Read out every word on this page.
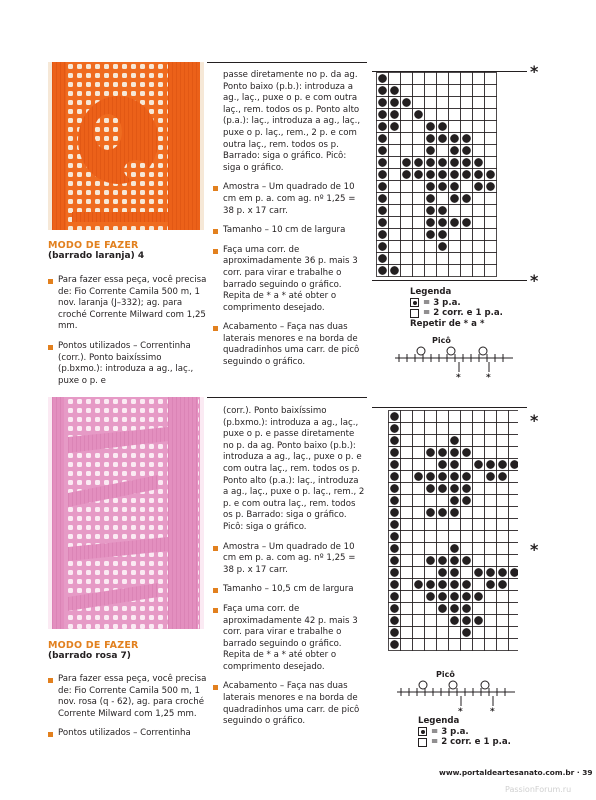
MODO DE FAZER
(barrado laranja) 4

Para fazer essa peça, você precisa de: Fio Corrente Camila 500 m, 1 nov. laranja (J–332); ag. para croché Corrente Milward com 1,25 mm.

Pontos utilizados – Correntinha (corr.). Ponto baixíssimo (p.bxmo.): introduza a ag., laç., puxe o p. e

passe diretamente no p. da ag. Ponto baixo (p.b.): introduza a ag., laç., puxe o p. e com outra laç., rem. todos os p. Ponto alto (p.a.): laç., introduza a ag., laç., puxe o p. laç., rem., 2 p. e com outra laç., rem. todos os p. Barrado: siga o gráfico. Picô: siga o gráfico.

Amostra – Um quadrado de 10 cm em p. a. com ag. nº 1,25 = 38 p. x 17 carr.

Tamanho – 10 cm de largura

Faça uma corr. de aproximadamente 36 p. mais 3 corr. para virar e trabalhe o barrado seguindo o gráfico. Repita de * a * até obter o comprimento desejado.

Acabamento – Faça nas duas laterais menores e na borda de quadradinhos uma carr. de picô seguindo o gráfico.

*
*
Legenda
= 3 p.a.
= 2 corr. e 1 p.a.
Repetir de * a *
Picô
*	*
MODO DE FAZER
(barrado rosa 7)

Para fazer essa peça, você precisa de: Fio Corrente Camila 500 m, 1 nov. rosa (q - 62), ag. para croché Corrente Milward com 1,25 mm.

Pontos utilizados – Correntinha

(corr.). Ponto baixíssimo (p.bxmo.): introduza a ag., laç., puxe o p. e passe diretamente no p. da ag. Ponto baixo (p.b.): introduza a ag., laç., puxe o p. e com outra laç., rem. todos os p. Ponto alto (p.a.): laç., introduza a ag., laç., puxe o p. laç., rem., 2 p. e com outra laç., rem. todos os p. Barrado: siga o gráfico. Picô: siga o gráfico.

Amostra – Um quadrado de 10 cm em p. a. com ag. nº 1,25 = 38 p. x 17 carr.

Tamanho – 10,5 cm de largura

Faça uma corr. de aproximadamente 42 p. mais 3 corr. para virar e trabalhe o barrado seguindo o gráfico. Repita de * a * até obter o comprimento desejado.

Acabamento – Faça nas duas laterais menores e na borda de quadradinhos uma carr. de picô seguindo o gráfico.

*
*
Picô
*	*
Legenda
= 3 p.a.
= 2 corr. e 1 p.a.
www.portaldeartesanato.com.br · 39
PassionForum.ru
